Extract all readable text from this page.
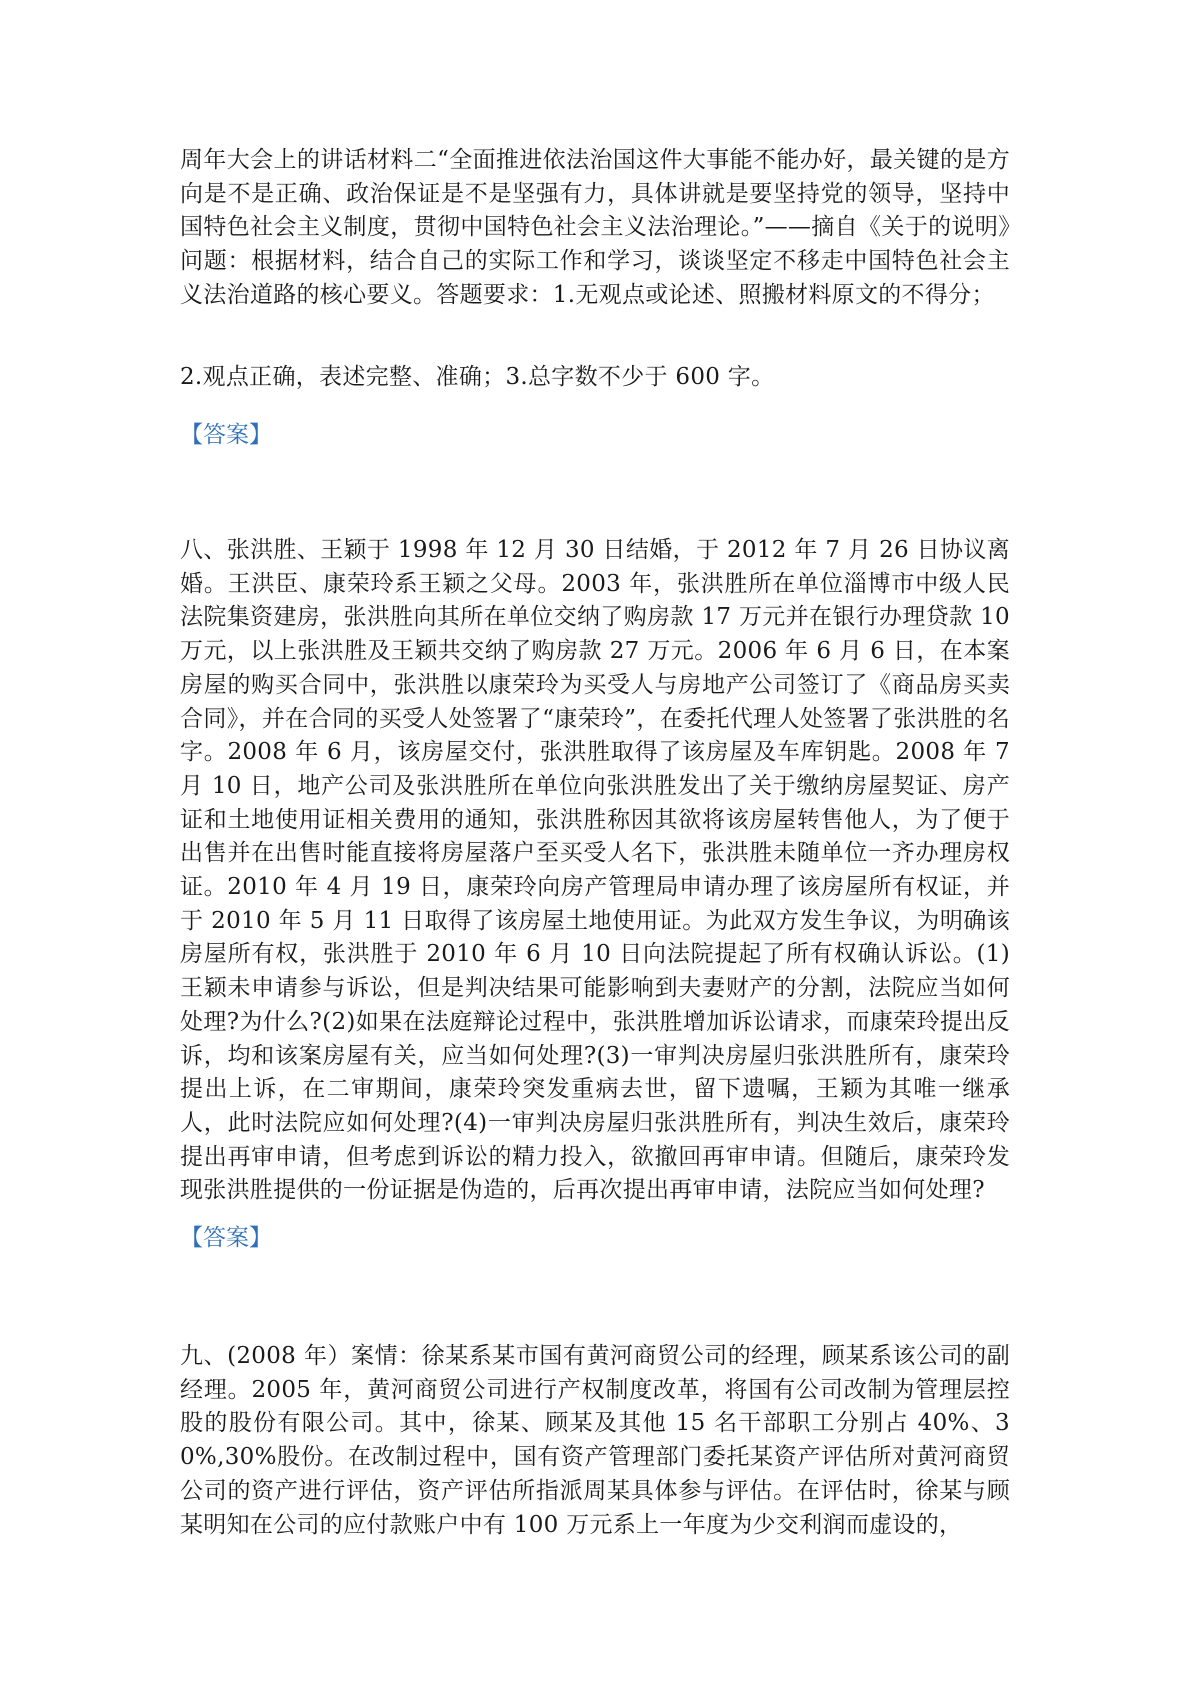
周年大会上的讲话材料二“全面推进依法治国这件大事能不能办好，最关键的是方向是不是正确、政治保证是不是坚强有力，具体讲就是要坚持党的领导，坚持中国特色社会主义制度，贯彻中国特色社会主义法治理论。”——摘自《关于的说明》问题：根据材料，结合自己的实际工作和学习，谈谈坚定不移走中国特色社会主义法治道路的核心要义。答题要求：1.无观点或论述、照搬材料原文的不得分；

2.观点正确，表述完整、准确；3.总字数不少于 600 字。

【答案】

八、张洪胜、王颖于 1998 年 12 月 30 日结婚，于 2012 年 7 月 26 日协议离婚。王洪臣、康荣玲系王颖之父母。2003 年，张洪胜所在单位淄博市中级人民法院集资建房，张洪胜向其所在单位交纳了购房款 17 万元并在银行办理贷款 10 万元，以上张洪胜及王颖共交纳了购房款 27 万元。2006 年 6 月 6 日，在本案房屋的购买合同中，张洪胜以康荣玲为买受人与房地产公司签订了《商品房买卖合同》，并在合同的买受人处签署了“康荣玲”，在委托代理人处签署了张洪胜的名字。2008 年 6 月，该房屋交付，张洪胜取得了该房屋及车库钥匙。2008 年 7 月 10 日，地产公司及张洪胜所在单位向张洪胜发出了关于缴纳房屋契证、房产证和土地使用证相关费用的通知，张洪胜称因其欲将该房屋转售他人，为了便于出售并在出售时能直接将房屋落户至买受人名下，张洪胜未随单位一齐办理房权证。2010 年 4 月 19 日，康荣玲向房产管理局申请办理了该房屋所有权证，并于 2010 年 5 月 11 日取得了该房屋土地使用证。为此双方发生争议，为明确该房屋所有权，张洪胜于 2010 年 6 月 10 日向法院提起了所有权确认诉讼。(1)王颖未申请参与诉讼，但是判决结果可能影响到夫妻财产的分割，法院应当如何处理?为什么?(2)如果在法庭辩论过程中，张洪胜增加诉讼请求，而康荣玲提出反诉，均和该案房屋有关，应当如何处理?(3)一审判决房屋归张洪胜所有，康荣玲提出上诉，在二审期间，康荣玲突发重病去世，留下遗嘱，王颖为其唯一继承人，此时法院应如何处理?(4)一审判决房屋归张洪胜所有，判决生效后，康荣玲提出再审申请，但考虑到诉讼的精力投入，欲撤回再审申请。但随后，康荣玲发现张洪胜提供的一份证据是伪造的，后再次提出再审申请，法院应当如何处理?

【答案】

九、(2008 年）案情：徐某系某市国有黄河商贸公司的经理，顾某系该公司的副经理。2005 年，黄河商贸公司进行产权制度改革，将国有公司改制为管理层控股的股份有限公司。其中，徐某、顾某及其他 15 名干部职工分别占 40%、30%,30%股份。在改制过程中，国有资产管理部门委托某资产评估所对黄河商贸公司的资产进行评估，资产评估所指派周某具体参与评估。在评估时，徐某与顾某明知在公司的应付款账户中有 100 万元系上一年度为少交利润而虚设的，
